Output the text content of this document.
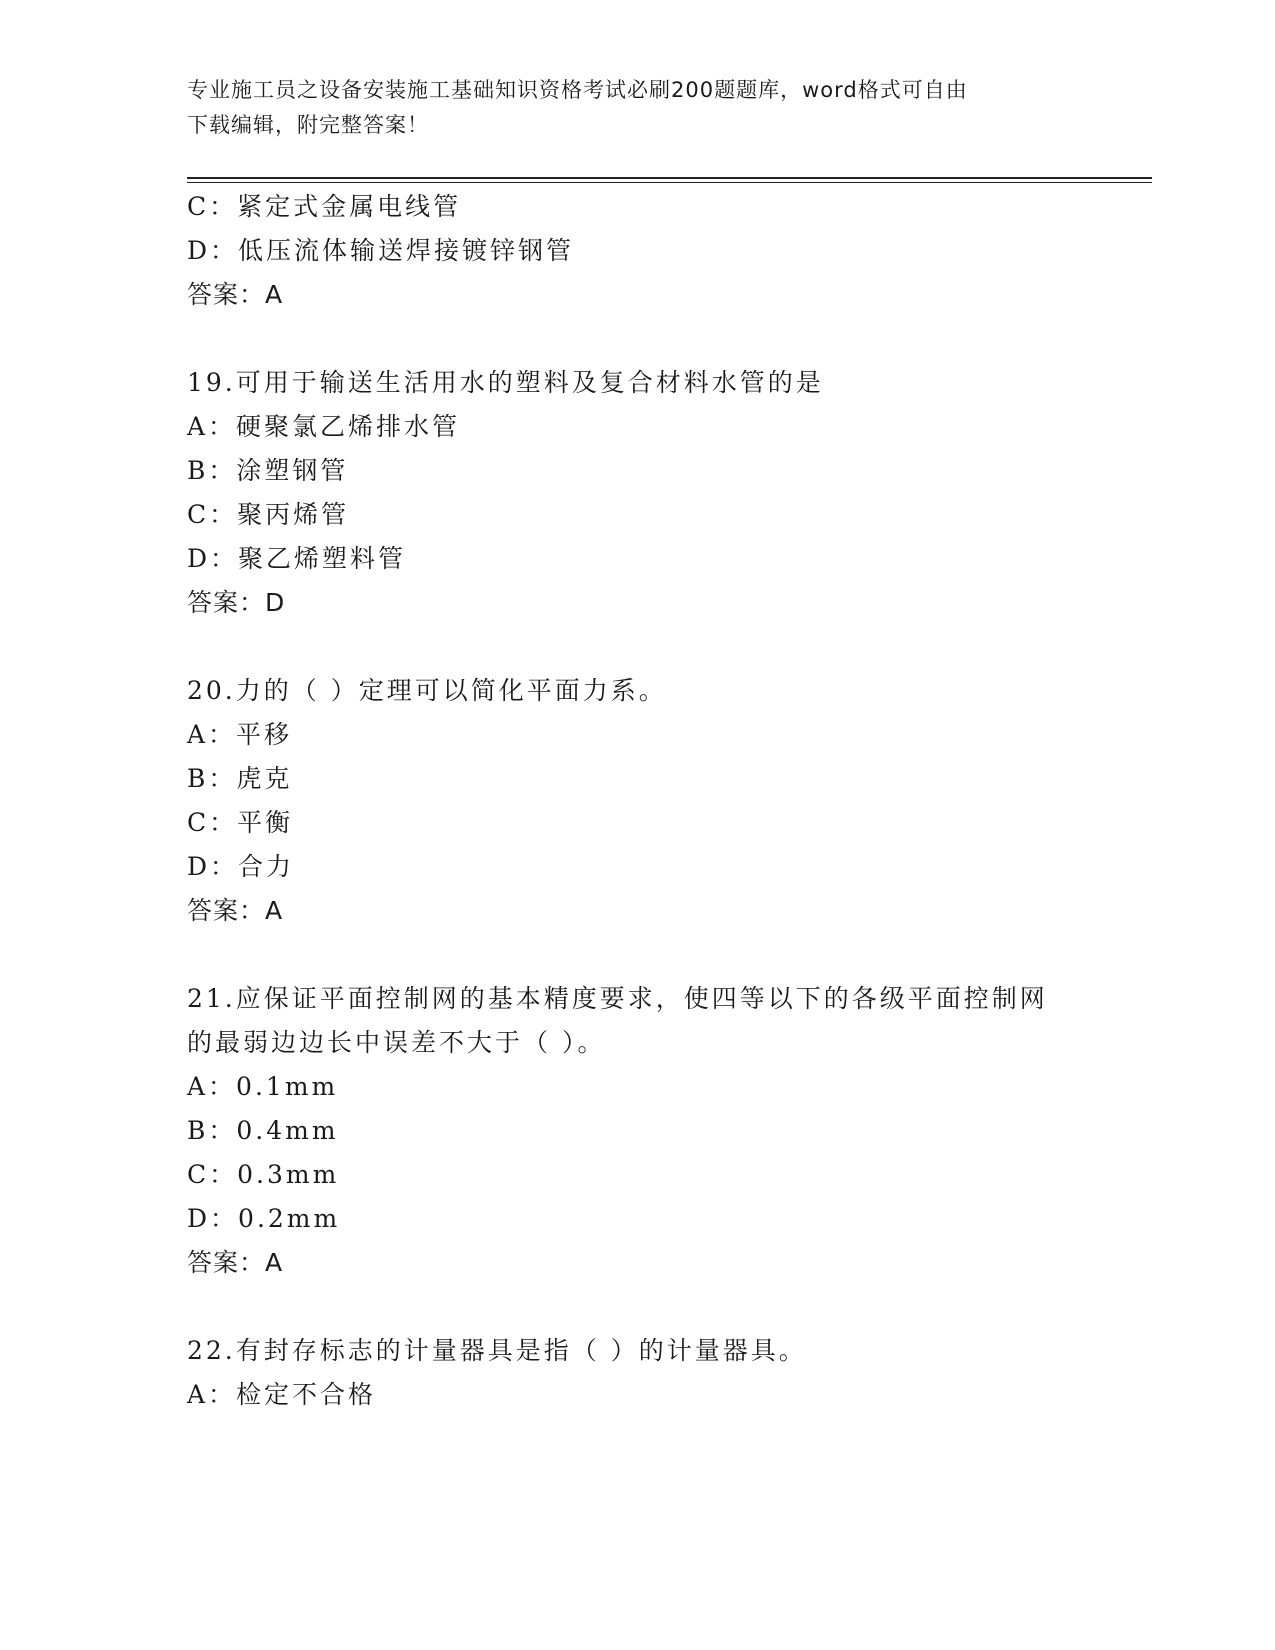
专业施工员之设备安装施工基础知识资格考试必刷200题题库，word格式可自由
下载编辑，附完整答案！
C：紧定式金属电线管
D：低压流体输送焊接镀锌钢管
答案：A
19.可用于输送生活用水的塑料及复合材料水管的是
A：硬聚氯乙烯排水管
B：涂塑钢管
C：聚丙烯管
D：聚乙烯塑料管
答案：D
20.力的（ ）定理可以简化平面力系。
A：平移
B：虎克
C：平衡
D：合力
答案：A
21.应保证平面控制网的基本精度要求，使四等以下的各级平面控制网
的最弱边边长中误差不大于（ ）。
A：0.1mm
B：0.4mm
C：0.3mm
D：0.2mm
答案：A
22.有封存标志的计量器具是指（ ）的计量器具。
A：检定不合格
